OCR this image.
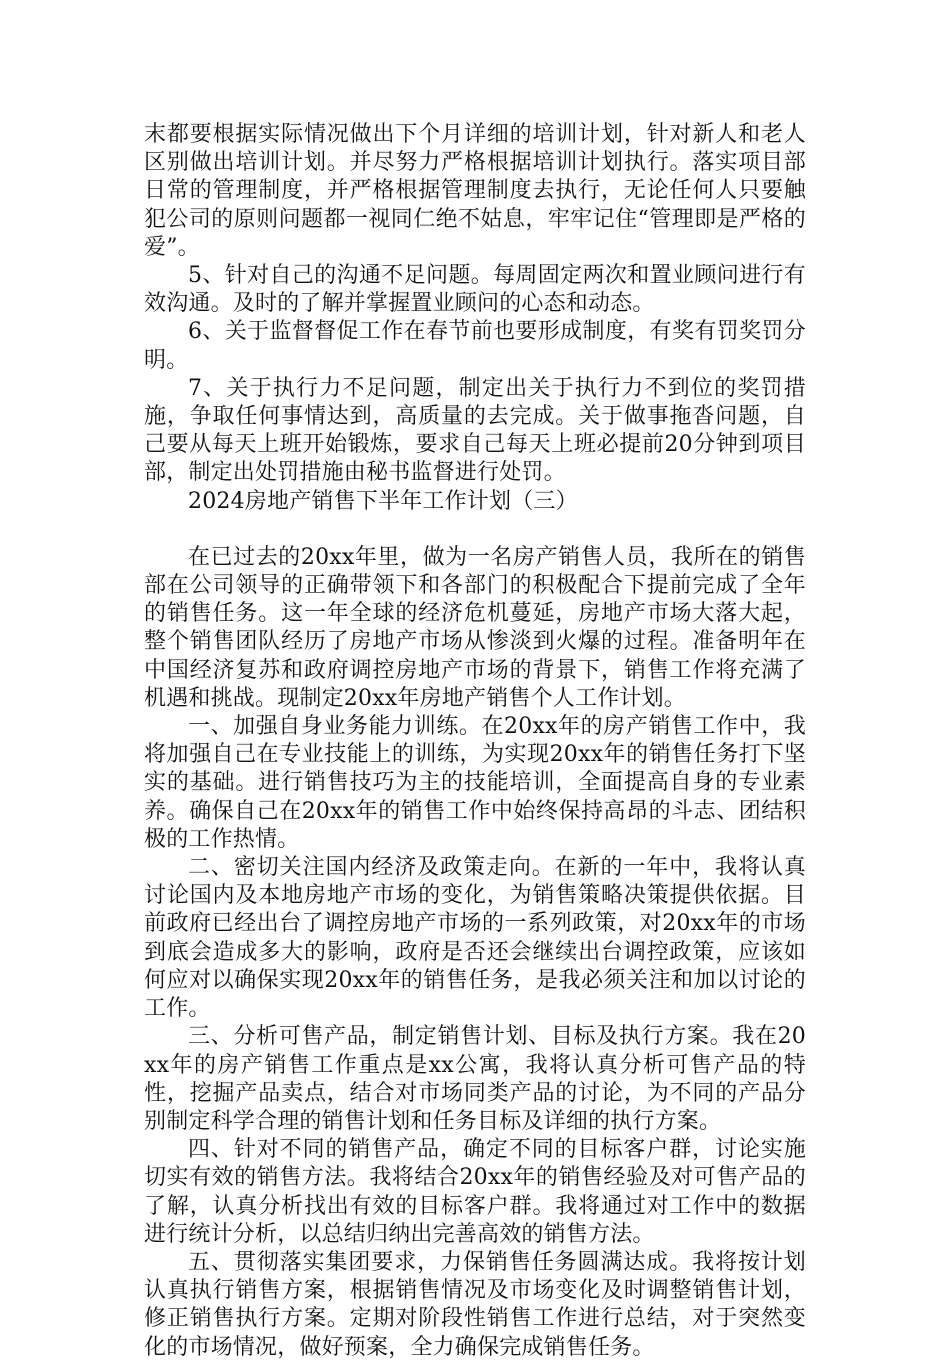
末都要根据实际情况做出下个月详细的培训计划，针对新人和老人区别做出培训计划。并尽努力严格根据培训计划执行。落实项目部日常的管理制度，并严格根据管理制度去执行，无论任何人只要触犯公司的原则问题都一视同仁绝不姑息，牢牢记住“管理即是严格的爱”。

5、针对自己的沟通不足问题。每周固定两次和置业顾问进行有效沟通。及时的了解并掌握置业顾问的心态和动态。

6、关于监督督促工作在春节前也要形成制度，有奖有罚奖罚分明。

7、关于执行力不足问题，制定出关于执行力不到位的奖罚措施，争取任何事情达到，高质量的去完成。关于做事拖沓问题，自己要从每天上班开始锻炼，要求自己每天上班必提前20分钟到项目部，制定出处罚措施由秘书监督进行处罚。

2024房地产销售下半年工作计划（三）

在已过去的20xx年里，做为一名房产销售人员，我所在的销售部在公司领导的正确带领下和各部门的积极配合下提前完成了全年的销售任务。这一年全球的经济危机蔓延，房地产市场大落大起，整个销售团队经历了房地产市场从惨淡到火爆的过程。准备明年在中国经济复苏和政府调控房地产市场的背景下，销售工作将充满了机遇和挑战。现制定20xx年房地产销售个人工作计划。

一、加强自身业务能力训练。在20xx年的房产销售工作中，我将加强自己在专业技能上的训练，为实现20xx年的销售任务打下坚实的基础。进行销售技巧为主的技能培训，全面提高自身的专业素养。确保自己在20xx年的销售工作中始终保持高昂的斗志、团结积极的工作热情。

二、密切关注国内经济及政策走向。在新的一年中，我将认真讨论国内及本地房地产市场的变化，为销售策略决策提供依据。目前政府已经出台了调控房地产市场的一系列政策，对20xx年的市场到底会造成多大的影响，政府是否还会继续出台调控政策，应该如何应对以确保实现20xx年的销售任务，是我必须关注和加以讨论的工作。

三、分析可售产品，制定销售计划、目标及执行方案。我在20xx年的房产销售工作重点是xx公寓，我将认真分析可售产品的特性，挖掘产品卖点，结合对市场同类产品的讨论，为不同的产品分别制定科学合理的销售计划和任务目标及详细的执行方案。

四、针对不同的销售产品，确定不同的目标客户群，讨论实施切实有效的销售方法。我将结合20xx年的销售经验及对可售产品的了解，认真分析找出有效的目标客户群。我将通过对工作中的数据进行统计分析，以总结归纳出完善高效的销售方法。

五、贯彻落实集团要求，力保销售任务圆满达成。我将按计划认真执行销售方案，根据销售情况及市场变化及时调整销售计划，修正销售执行方案。定期对阶段性销售工作进行总结，对于突然变化的市场情况，做好预案，全力确保完成销售任务。
